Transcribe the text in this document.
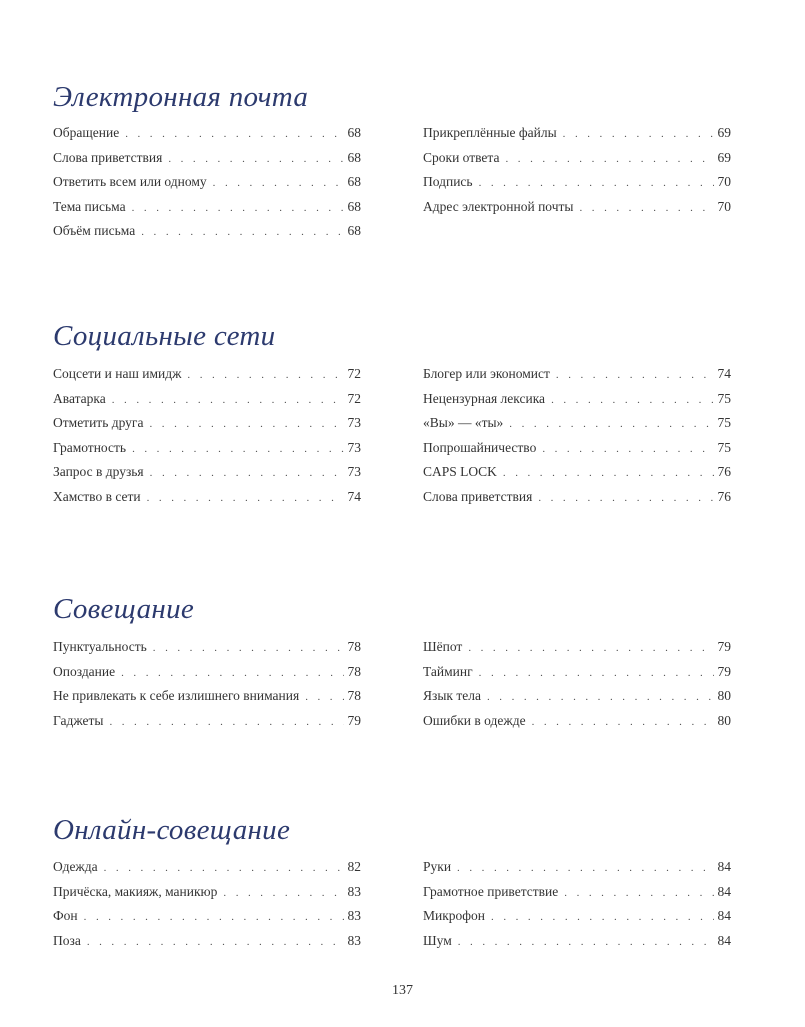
Электронная почта
Обращение . . .	68
Слова приветствия . . .	68
Ответить всем или одному . . .	68
Тема письма . . .	68
Объём письма . . .	68
Прикреплённые файлы . . .	69
Сроки ответа . . .	69
Подпись . . .	70
Адрес электронной почты . . .	70
Социальные сети
Соцсети и наш имидж . . .	72
Аватарка . . .	72
Отметить друга . . .	73
Грамотность . . .	73
Запрос в друзья . . .	73
Хамство в сети . . .	74
Блогер или экономист . . .	74
Нецензурная лексика . . .	75
«Вы» — «ты» . . .	75
Попрошайничество . . .	75
CAPS LOCK . . .	76
Слова приветствия . . .	76
Совещание
Пунктуальность . . .	78
Опоздание . . .	78
Не привлекать к себе излишнего внимания . . .	78
Гаджеты . . .	79
Шёпот . . .	79
Тайминг . . .	79
Язык тела . . .	80
Ошибки в одежде . . .	80
Онлайн-совещание
Одежда . . .	82
Причёска, макияж, маникюр . . .	83
Фон . . .	83
Поза . . .	83
Руки . . .	84
Грамотное приветствие . . .	84
Микрофон . . .	84
Шум . . .	84
137
